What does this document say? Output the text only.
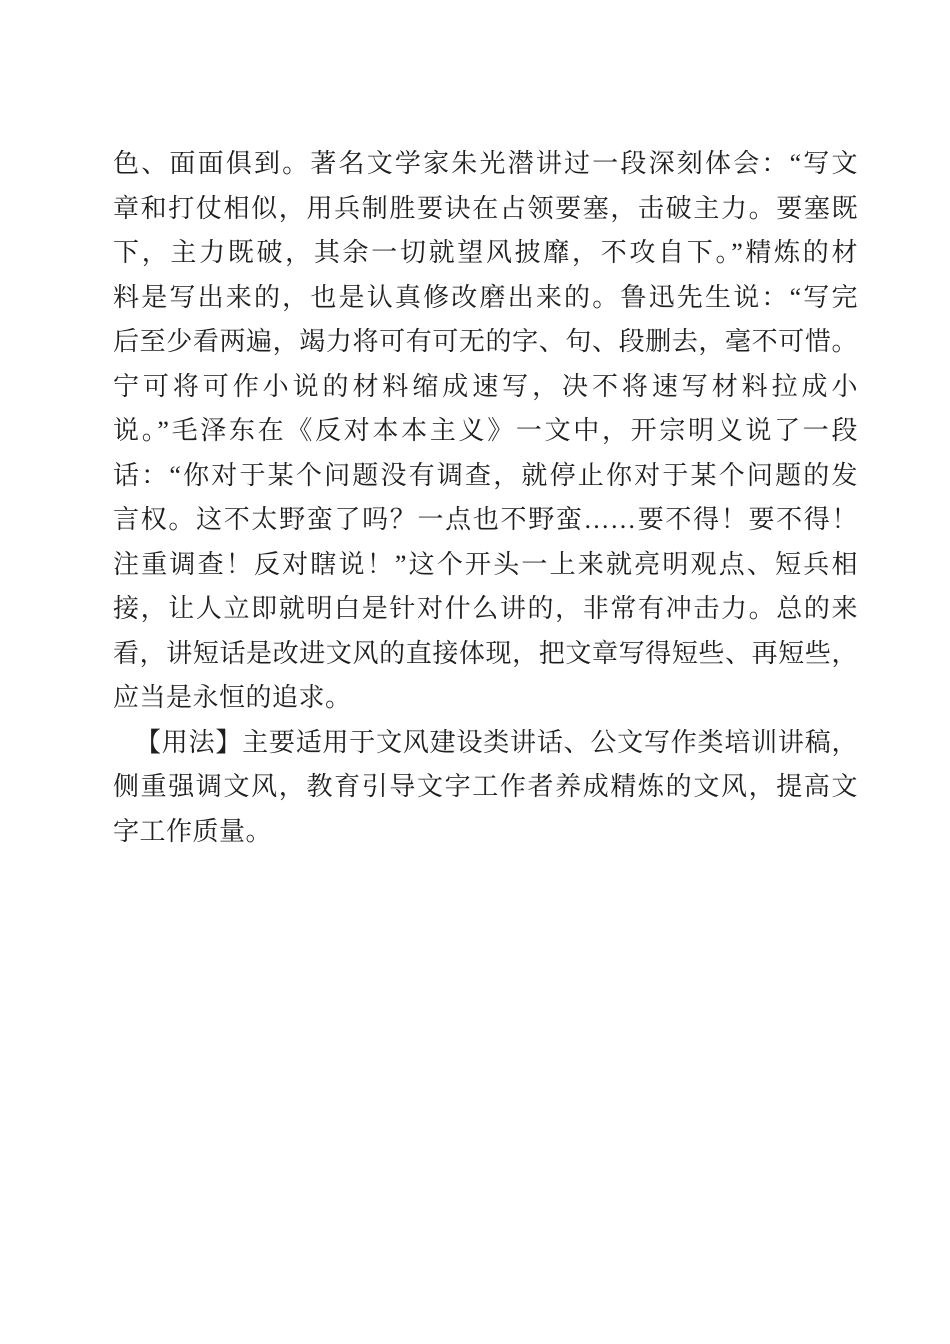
色、面面俱到。著名文学家朱光潜讲过一段深刻体会：“写文
章和打仗相似，用兵制胜要诀在占领要塞，击破主力。要塞既
下，主力既破，其余一切就望风披靡，不攻自下。”精炼的材
料是写出来的，也是认真修改磨出来的。鲁迅先生说：“写完
后至少看两遍，竭力将可有可无的字、句、段删去，毫不可惜。
宁可将可作小说的材料缩成速写，决不将速写材料拉成小
说。”毛泽东在《反对本本主义》一文中，开宗明义说了一段
话：“你对于某个问题没有调查，就停止你对于某个问题的发
言权。这不太野蛮了吗？一点也不野蛮……要不得！要不得！
注重调查！反对瞎说！”这个开头一上来就亮明观点、短兵相
接，让人立即就明白是针对什么讲的，非常有冲击力。总的来
看，讲短话是改进文风的直接体现，把文章写得短些、再短些，
应当是永恒的追求。
【用法】主要适用于文风建设类讲话、公文写作类培训讲稿，
侧重强调文风，教育引导文字工作者养成精炼的文风，提高文
字工作质量。
